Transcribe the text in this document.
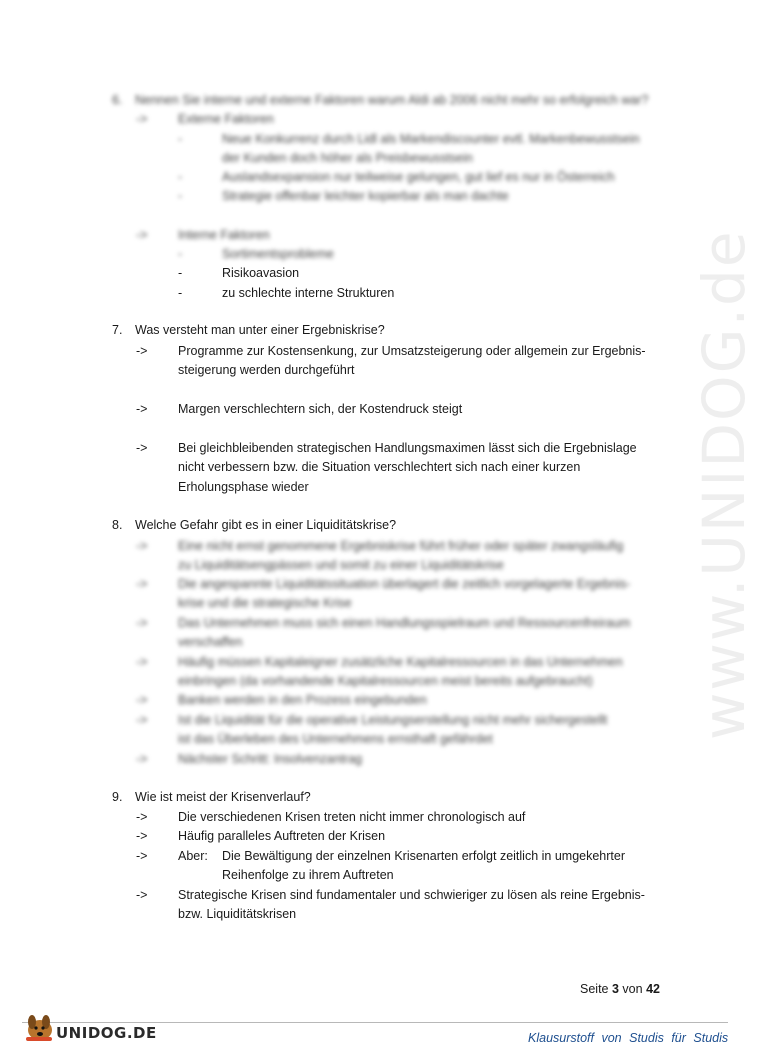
www.UNIDOG.de
6. Nennen Sie interne und externe Faktoren warum Aldi ab 2006 nicht mehr so erfolgreich war?
-> Externe Faktoren
-	Neue Konkurrenz durch Lidl als Markendiscounter evtl. Markenbewusstsein
der Kunden doch höher als Preisbewusstsein
-	Auslandsexpansion nur teilweise gelungen, gut lief es nur in Österreich
-	Strategie offenbar leichter kopierbar als man dachte
-> Interne Faktoren
-	Sortimentsprobleme
-	Risikoavasion
-	zu schlechte interne Strukturen
7. Was versteht man unter einer Ergebniskrise?
-> Programme zur Kostensenkung, zur Umsatzsteigerung oder allgemein zur Ergebnis-
steigerung werden durchgeführt
-> Margen verschlechtern sich, der Kostendruck steigt
-> Bei gleichbleibenden strategischen Handlungsmaximen lässt sich die Ergebnislage
nicht verbessern bzw. die Situation verschlechtert sich nach einer kurzen
Erholungsphase wieder
8. Welche Gefahr gibt es in einer Liquiditätskrise?
-> Eine nicht ernst genommene Ergebniskrise führt früher oder später zwangsläufig
zu Liquiditätsengpässen und somit zu einer Liquiditätskrise
-> Die angespannte Liquiditätssituation überlagert die zeitlich vorgelagerte Ergebnis-
krise und die strategische Krise
-> Das Unternehmen muss sich einen Handlungsspielraum und Ressourcenfreiraum
verschaffen
-> Häufig müssen Kapitaleigner zusätzliche Kapitalressourcen in das Unternehmen
einbringen (da vorhandende Kapitalressourcen meist bereits aufgebraucht)
-> Banken werden in den Prozess eingebunden
-> Ist die Liquidität für die operative Leistungserstellung nicht mehr sichergestellt
ist das Überleben des Unternehmens ernsthaft gefährdet
-> Nächster Schritt: Insolvenzantrag
9. Wie ist meist der Krisenverlauf?
-> Die verschiedenen Krisen treten nicht immer chronologisch auf
-> Häufig paralleles Auftreten der Krisen
-> Aber: Die Bewältigung der einzelnen Krisenarten erfolgt zeitlich in umgekehrter
Reihenfolge zu ihrem Auftreten
-> Strategische Krisen sind fundamentaler und schwieriger zu lösen als reine Ergebnis-
bzw. Liquiditätskrisen
Seite 3 von 42
UNIDOG.DE	Klausurstoff von Studis für Studis
